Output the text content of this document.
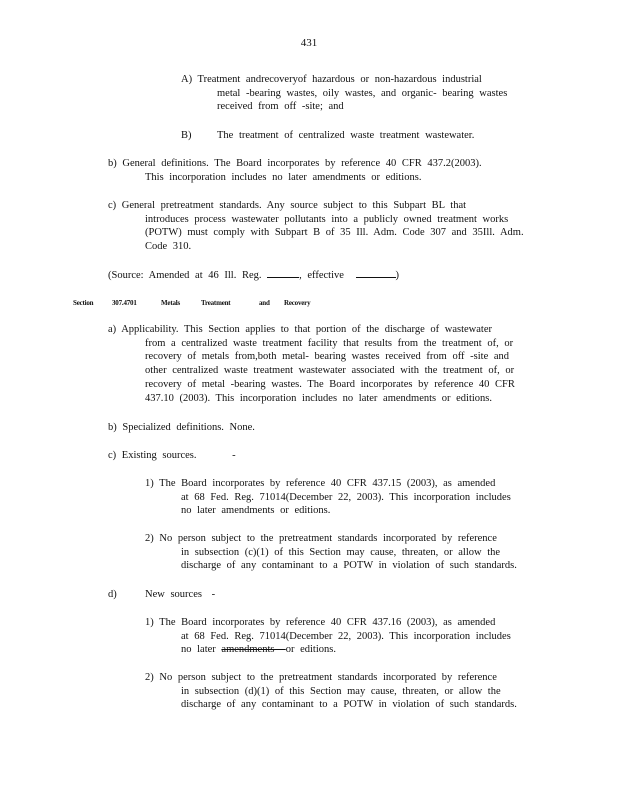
431
A) Treatment andrecoveryof hazardous or non-hazardous industrial
metal -bearing wastes, oily wastes, and organic- bearing wastes
received from off -site; and
B) The treatment of centralized waste treatment wastewater.
b) General definitions. The Board incorporates by reference 40 CFR 437.2(2003).
This incorporation includes no later amendments or editions.
c) General pretreatment standards. Any source subject to this Subpart BL that
introduces process wastewater pollutants into a publicly owned treatment works
(POTW) must comply with Subpart B of 35 Ill. Adm. Code 307 and 35Ill. Adm.
Code 310.
(Source: Amended at 46 Ill. Reg.	, effective	)
Section	307.4701	Metals	Treatment	and Recovery
a) Applicability. This Section applies to that portion of the discharge of wastewater
from a centralized waste treatment facility that results from the treatment of, or
recovery of metals from,both metal- bearing wastes received from off -site and
other centralized waste treatment wastewater associated with the treatment of, or
recovery of metal -bearing wastes. The Board incorporates by reference 40 CFR
437.10 (2003). This incorporation includes no later amendments or editions.
b) Specialized definitions. None.
c) Existing sources.	-
1) The Board incorporates by reference 40 CFR 437.15 (2003), as amended
at 68 Fed. Reg. 71014(December 22, 2003). This incorporation includes
no later amendments or editions.
2) No person subject to the pretreatment standards incorporated by reference
in subsection (c)(1) of this Section may cause, threaten, or allow the
discharge of any contaminant to a POTW in violation of such standards.
d)	New sources -
1) The Board incorporates by reference 40 CFR 437.16 (2003), as amended
at 68 Fed. Reg. 71014(December 22, 2003). This incorporation includes
no later amendments or editions.
2) No person subject to the pretreatment standards incorporated by reference
in subsection (d)(1) of this Section may cause, threaten, or allow the
discharge of any contaminant to a POTW in violation of such standards.
